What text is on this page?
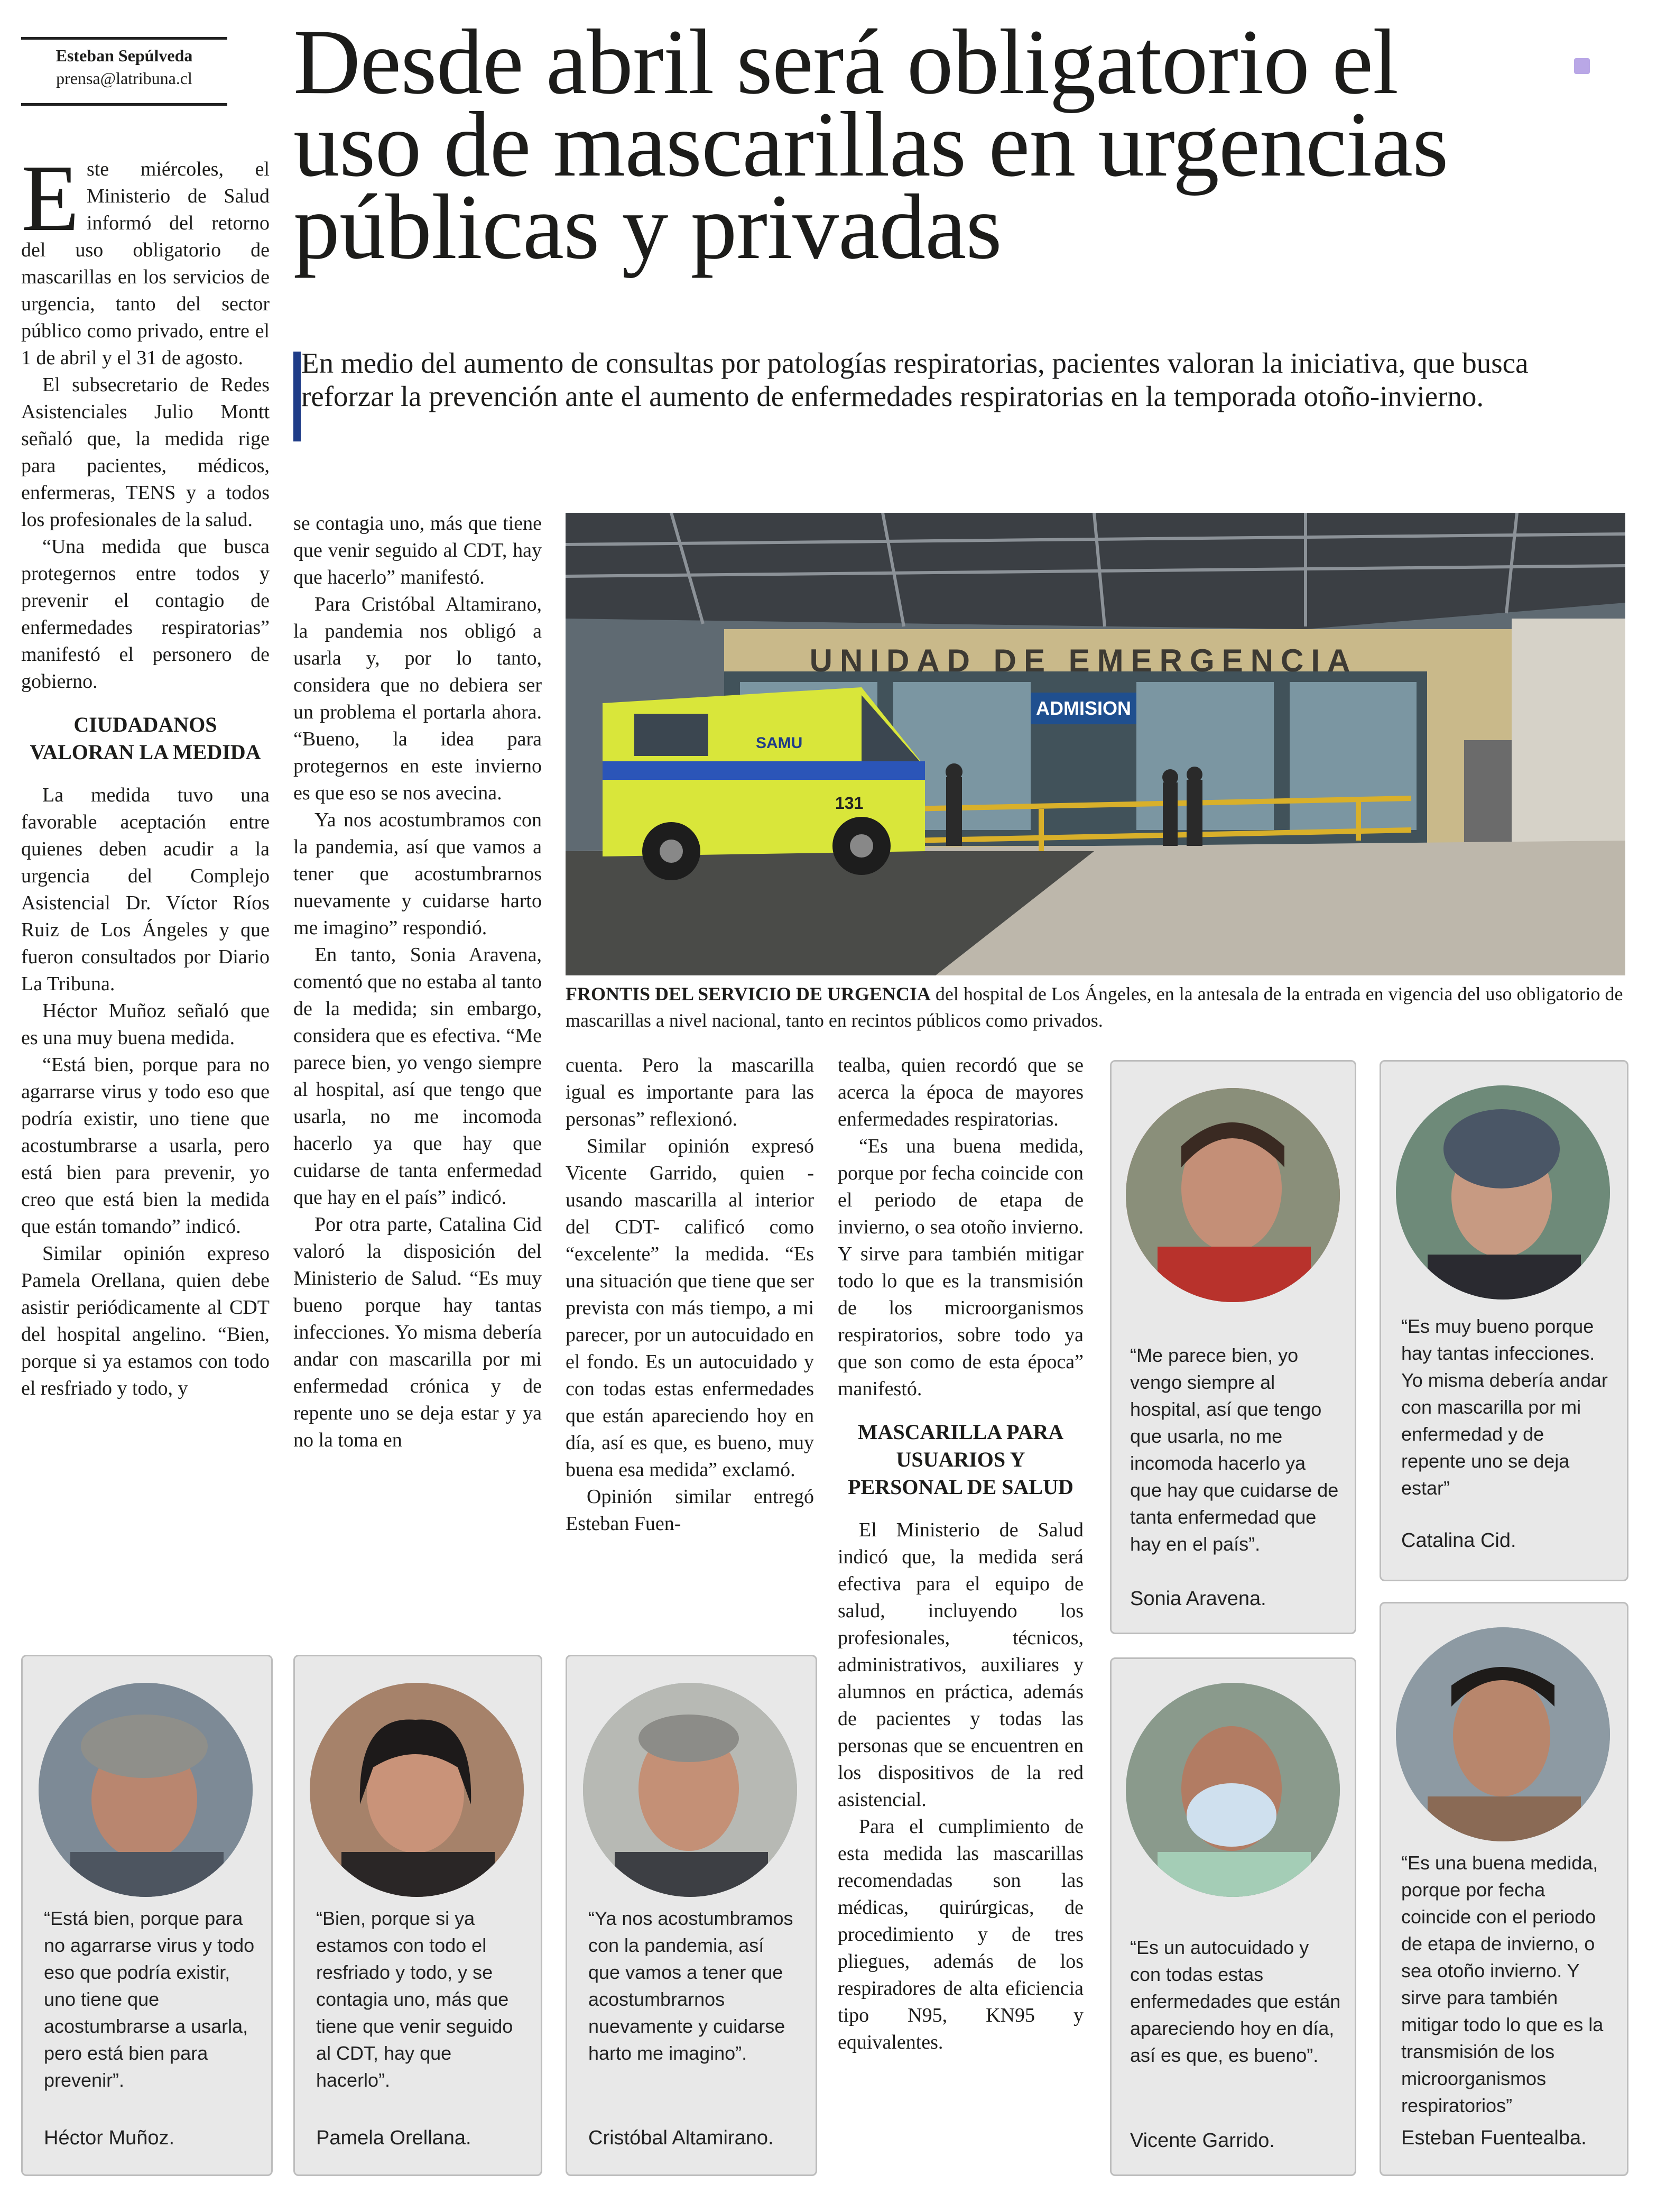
Esteban Sepúlveda
prensa@latribuna.cl	Desde abril será obligatorio el
uso de mascarillas en urgencias
públicas y privadas
En medio del aumento de consultas por patologías respiratorias, pacientes valoran la iniciativa, que busca reforzar la prevención ante el aumento de enfermedades respiratorias en la temporada otoño-invierno.

Este miércoles, el Ministerio de Salud informó del retorno del uso obligatorio de mascarillas en los servicios de urgencia, tanto del sector público como privado, entre el 1 de abril y el 31 de agosto.

El subsecretario de Redes Asistenciales Julio Montt señaló que, la medida rige para pacientes, médicos, enfermeras, TENS y a todos los profesionales de la salud.

“Una medida que busca protegernos entre todos y prevenir el contagio de enfermedades respiratorias” manifestó el personero de gobierno.

CIUDADANOS VALORAN LA MEDIDA

La medida tuvo una favorable aceptación entre quienes deben acudir a la urgencia del Complejo Asistencial Dr. Víctor Ríos Ruiz de Los Ángeles y que fueron consultados por Diario La Tribuna.

Héctor Muñoz señaló que es una muy buena medida.

“Está bien, porque para no agarrarse virus y todo eso que podría existir, uno tiene que acostumbrarse a usarla, pero está bien para prevenir, yo creo que está bien la medida que están tomando” indicó.

Similar opinión expreso Pamela Orellana, quien debe asistir periódicamente al CDT del hospital angelino. “Bien, porque si ya estamos con todo el resfriado y todo, y

se contagia uno, más que tiene que venir seguido al CDT, hay que hacerlo” manifestó.

Para Cristóbal Altamirano, la pandemia nos obligó a usarla y, por lo tanto, considera que no debiera ser un problema el portarla ahora. “Bueno, la idea para protegernos en este invierno es que eso se nos avecina.

Ya nos acostumbramos con la pandemia, así que vamos a tener que acostumbrarnos nuevamente y cuidarse harto me imagino” respondió.

En tanto, Sonia Aravena, comentó que no estaba al tanto de la medida; sin embargo, considera que es efectiva. “Me parece bien, yo vengo siempre al hospital, así que tengo que usarla, no me incomoda hacerlo ya que hay que cuidarse de tanta enfermedad que hay en el país” indicó.

Por otra parte, Catalina Cid valoró la disposición del Ministerio de Salud. “Es muy bueno porque hay tantas infecciones. Yo misma debería andar con mascarilla por mi enfermedad crónica y de repente uno se deja estar y ya no la toma en

ADMISION
UNIDAD DE EMERGENCIA
SAMU
131
FRONTIS DEL SERVICIO DE URGENCIA del hospital de Los Ángeles, en la antesala de la entrada en vigencia del uso obligatorio de mascarillas a nivel nacional, tanto en recintos públicos como privados.

cuenta. Pero la mascarilla igual es importante para las personas” reflexionó.

Similar opinión expresó Vicente Garrido, quien -usando mascarilla al interior del CDT- calificó como “excelente” la medida. “Es una situación que tiene que ser prevista con más tiempo, a mi parecer, por un autocuidado en el fondo. Es un autocuidado y con todas estas enfermedades que están apareciendo hoy en día, así es que, es bueno, muy buena esa medida” exclamó.

Opinión similar entregó Esteban Fuen-

tealba, quien recordó que se acerca la época de mayores enfermedades respiratorias.

“Es una buena medida, porque por fecha coincide con el periodo de etapa de invierno, o sea otoño invierno. Y sirve para también mitigar todo lo que es la transmisión de los microorganismos respiratorios, sobre todo ya que son como de esta época” manifestó.

MASCARILLA PARA USUARIOS Y PERSONAL DE SALUD

El Ministerio de Salud indicó que, la medida será efectiva para el equipo de salud, incluyendo los profesionales, técnicos, administrativos, auxiliares y alumnos en práctica, además de pacientes y todas las personas que se encuentren en los dispositivos de la red asistencial.

Para el cumplimiento de esta medida las mascarillas recomendadas son las médicas, quirúrgicas, de procedimiento y de tres pliegues, además de los respiradores de alta eficiencia tipo N95, KN95 y equivalentes.

“Me parece bien, yo vengo siempre al hospital, así que tengo que usarla, no me incomoda hacerlo ya que hay que cuidarse de tanta enfermedad que hay en el país”.
Sonia Aravena.
“Es muy bueno porque hay tantas infecciones. Yo misma debería andar con mascarilla por mi enfermedad y de repente uno se deja estar”
Catalina Cid.
“Está bien, porque para no agarrarse virus y todo eso que podría existir, uno tiene que acostumbrarse a usarla, pero está bien para prevenir”.
Héctor Muñoz.
“Bien, porque si ya estamos con todo el resfriado y todo, y se contagia uno, más que tiene que venir seguido al CDT, hay que hacerlo”.
Pamela Orellana.
“Ya nos acostumbramos con la pandemia, así que vamos a tener que acostumbrarnos nuevamente y cuidarse harto me imagino”.
Cristóbal Altamirano.
“Es un autocuidado y con todas estas enfermedades que están apareciendo hoy en día, así es que, es bueno”.
Vicente Garrido.
“Es una buena medida, porque por fecha coincide con el periodo de etapa de invierno, o sea otoño invierno. Y sirve para también mitigar todo lo que es la transmisión de los microorganismos respiratorios”
Esteban Fuentealba.
